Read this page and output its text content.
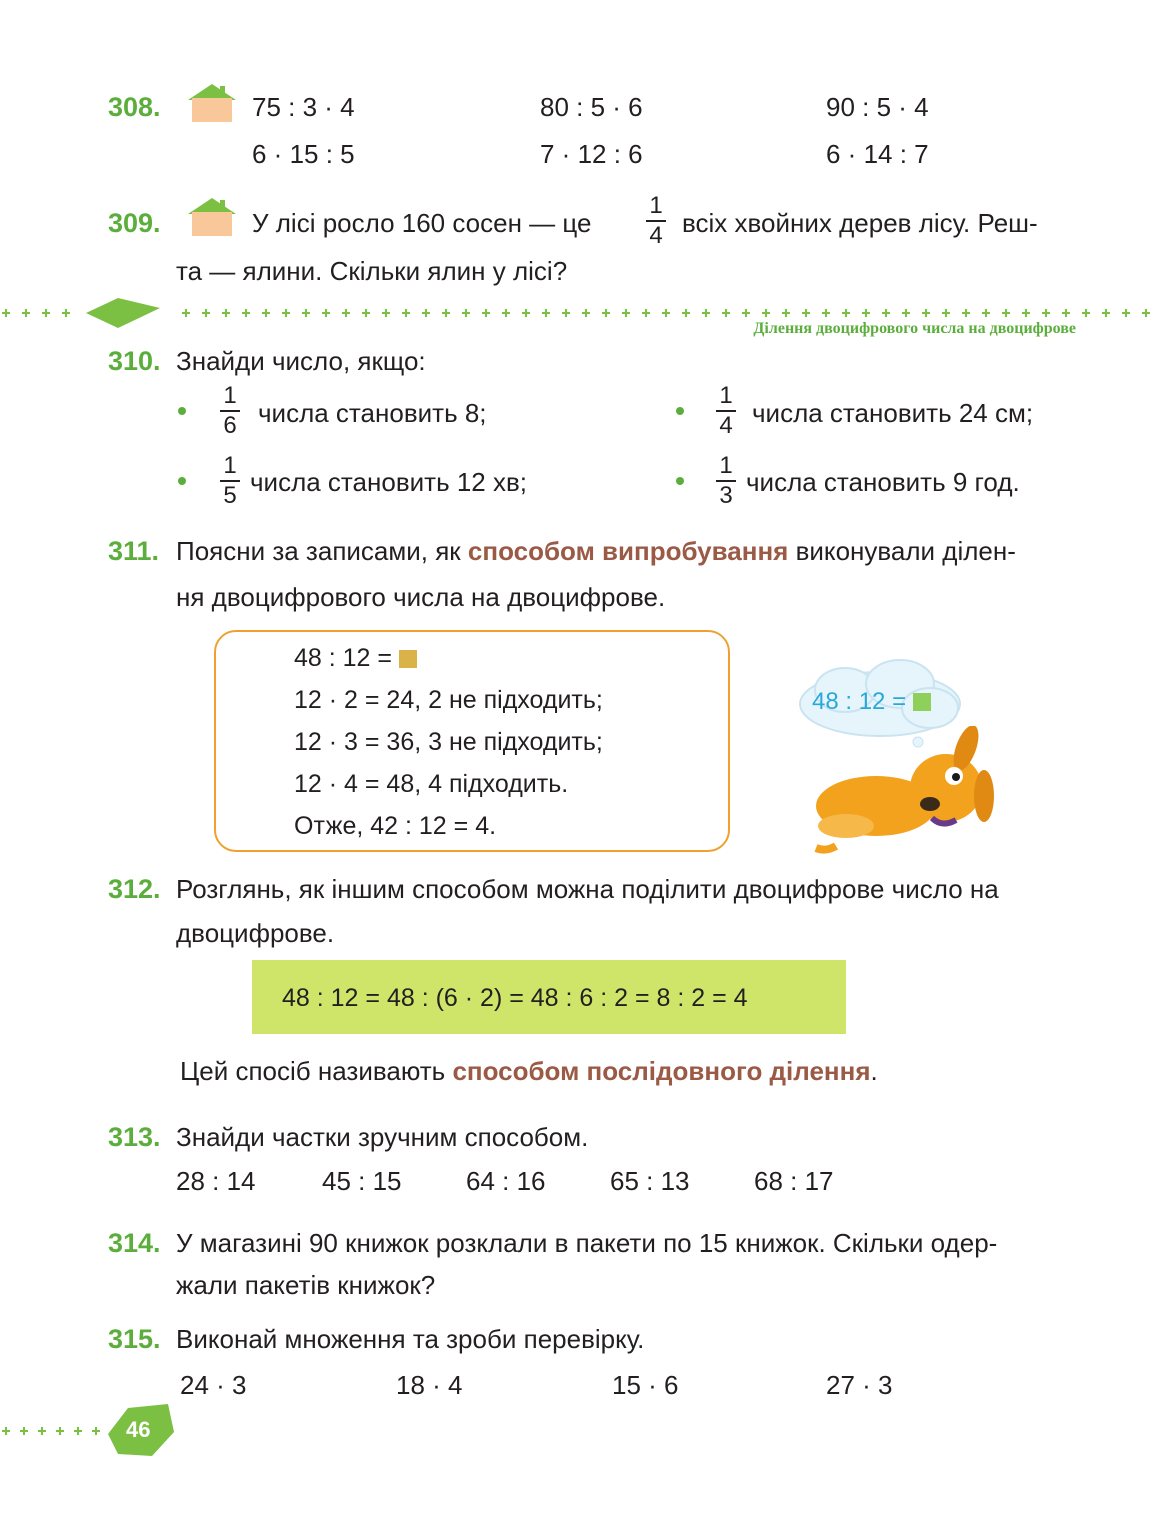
308.	75 : 3 · 4	80 : 5 · 6	90 : 5 · 4
6 · 15 : 5	7 · 12 : 6	6 · 14 : 7
309.	У лісі росло 160 сосен — це
1
4 всіх хвойних дерев лісу. Реш-
та — ялини. Скільки ялин у лісі?
Ділення двоцифрового числа на двоцифрове
310. Знайди число, якщо:
1
6 числа становить 8;
1
4 числа становить 24 см;
1
5 числа становить 12 хв;
1
3 числа становить 9 год.
311. Поясни за записами, як способом випробування виконували ділен-
ня двоцифрового числа на двоцифрове.
48 : 12 =
12 · 2 = 24, 2 не підходить;
12 · 3 = 36, 3 не підходить;
12 · 4 = 48, 4 підходить.
Отже, 42 : 12 = 4.
48 : 12 =
312. Розглянь, як іншим способом можна поділити двоцифрове число на
двоцифрове.
48 : 12 = 48 : (6 · 2) = 48 : 6 : 2 = 8 : 2 = 4
Цей спосіб називають способом послідовного ділення.
313. Знайди частки зручним способом.
28 : 14	45 : 15 64 : 16 65 : 13 68 : 17
314. У магазині 90 книжок розклали в пакети по 15 книжок. Скільки одер-
жали пакетів книжок?
315. Виконай множення та зроби перевірку.
24 · 3	18 · 4	15 · 6	27 · 3
46
